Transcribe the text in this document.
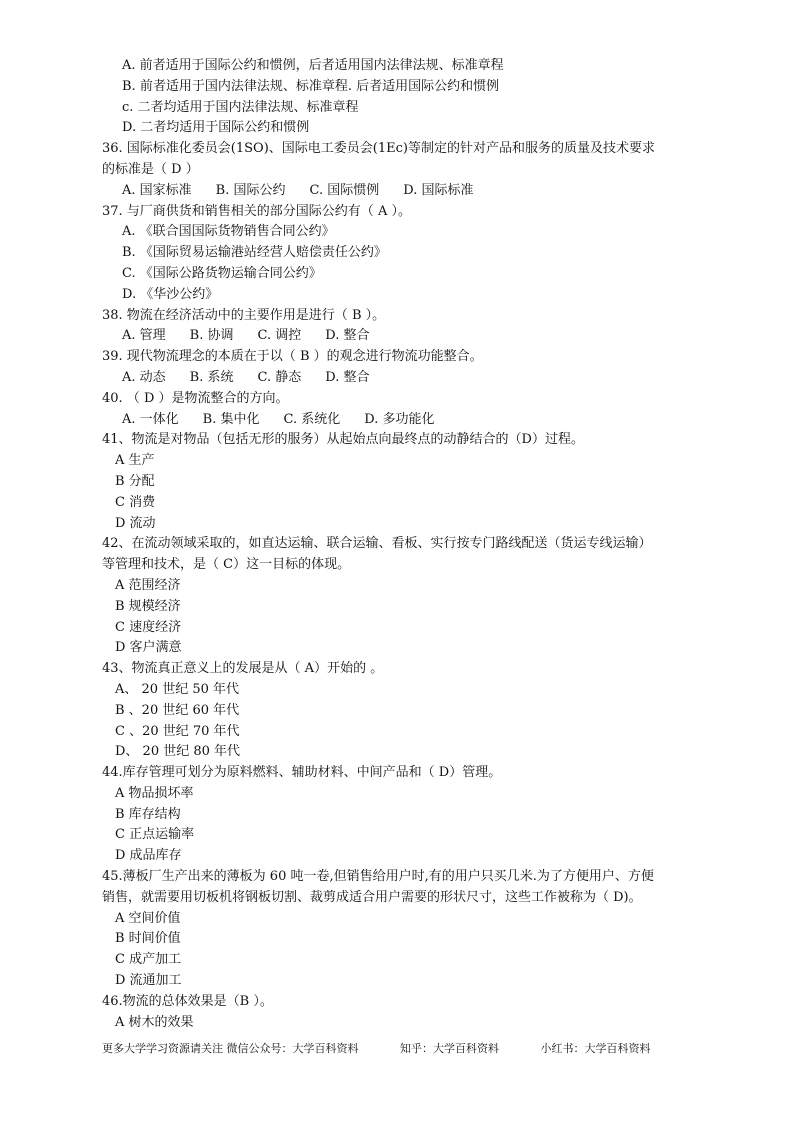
A. 前者适用于国际公约和惯例，后者适用国内法律法规、标准章程
B. 前者适用于国内法律法规、标准章程. 后者适用国际公约和惯例
c. 二者均适用于国内法律法规、标准章程
D. 二者均适用于国际公约和惯例
36. 国际标准化委员会(1SO)、国际电工委员会(1Ec)等制定的针对产品和服务的质量及技术要求
的标准是（ D ）
A. 国家标准 B. 国际公约 C. 国际惯例 D. 国际标准
37. 与厂商供货和销售相关的部分国际公约有（ A ）。
A. 《联合国国际货物销售合同公约》
B. 《国际贸易运输港站经营人赔偿责任公约》
C. 《国际公路货物运输合同公约》
D. 《华沙公约》
38. 物流在经济活动中的主要作用是进行（ B ）。
A. 管理 B. 协调 C. 调控 D. 整合
39. 现代物流理念的本质在于以（ B ）的观念进行物流功能整合。
A. 动态 B. 系统 C. 静态 D. 整合
40. （ D ）是物流整合的方向。
A. 一体化 B. 集中化 C. 系统化 D. 多功能化
41、物流是对物品（包括无形的服务）从起始点向最终点的动静结合的（D）过程。
A 生产
B 分配
C 消费
D 流动
42、在流动领域采取的，如直达运输、联合运输、看板、实行按专门路线配送（货运专线运输）
等管理和技术，是（ C）这一目标的体现。
A 范围经济
B 规模经济
C 速度经济
D 客户满意
43、物流真正意义上的发展是从（ A）开始的 。
A、 20 世纪 50 年代
B 、20 世纪 60 年代
C 、20 世纪 70 年代
D、 20 世纪 80 年代
44.库存管理可划分为原料燃料、辅助材料、中间产品和（ D）管理。
A 物品损坏率
B 库存结构
C 正点运输率
D 成品库存
45.薄板厂生产出来的薄板为 60 吨一卷,但销售给用户时,有的用户只买几米.为了方便用户、方便
销售，就需要用切板机将钢板切割、裁剪成适合用户需要的形状尺寸，这些工作被称为（ D)。
A 空间价值
B 时间价值
C 成产加工
D 流通加工
46.物流的总体效果是（B ）。
A 树木的效果
更多大学学习资源请关注 微信公众号：大学百科资料	知乎：大学百科资料	小红书：大学百科资料
